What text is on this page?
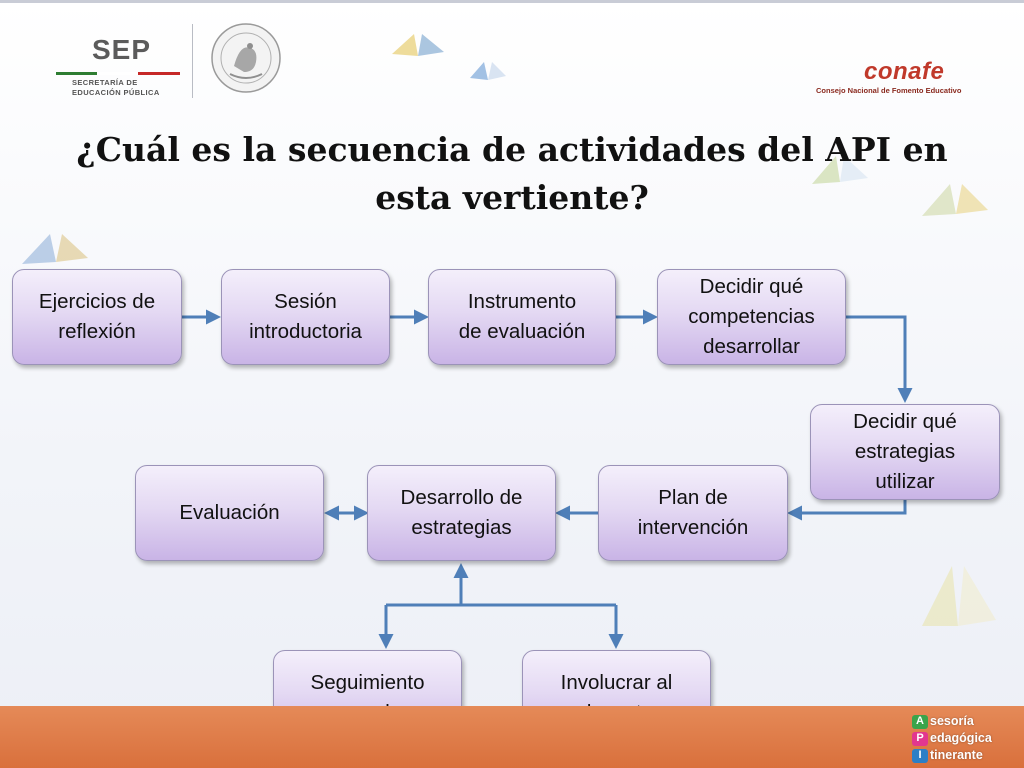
SEP
SECRETARÍA DE
EDUCACIÓN PÚBLICA
conafe
Consejo Nacional de Fomento Educativo
¿Cuál es la secuencia de actividades del API en
esta vertiente?
Ejercicios de
reflexión
Sesión
introductoria
Instrumento
de evaluación
Decidir qué
competencias
desarrollar
Decidir qué
estrategias
utilizar
Plan de
intervención
Desarrollo de
estrategias
Evaluación
Seguimiento	Involucrar al
A
P
I
sesoría
edagógica
tinerante
